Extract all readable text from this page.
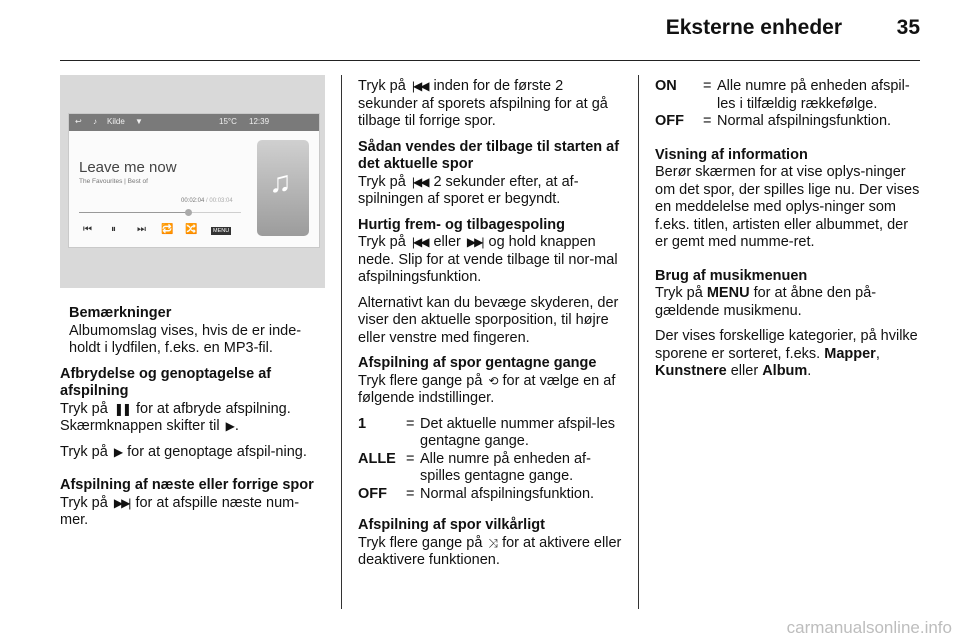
Eksterne enheder	35
↩ ♪ Kilde ▼	15°C 12:39
Leave me now
The Favourites | Best of
00:02:04 / 00:03:04
⏮ ⏸ ⏭ 🔁 🔀	MENU
♫
Bemærkninger

Albumomslag vises, hvis de er inde-holdt i lydfilen, f.eks. en MP3-fil.

Afbrydelse og genoptagelse af afspilning

Tryk på ❚❚ for at afbryde afspilning. Skærmknappen skifter til ▶ .

Tryk på ▶ for at genoptage afspil-ning.

Afspilning af næste eller forrige spor

Tryk på ▶▶| for at afspille næste num-mer.

Tryk på |◀◀ inden for de første 2 sekunder af sporets afspilning for at gå tilbage til forrige spor.

Sådan vendes der tilbage til starten af det aktuelle spor

Tryk på |◀◀ 2 sekunder efter, at af-spilningen af sporet er begyndt.

Hurtig frem- og tilbagespoling

Tryk på |◀◀ eller ▶▶| og hold knappen nede. Slip for at vende tilbage til nor-mal afspilningsfunktion.

Alternativt kan du bevæge skyderen, der viser den aktuelle sporposition, til højre eller venstre med fingeren.

Afspilning af spor gentagne gange

Tryk flere gange på ⟲ for at vælge en af følgende indstillinger.

1	= Det aktuelle nummer afspil-les gentagne gange.
ALLE = Alle numre på enheden af-spilles gentagne gange.
OFF	= Normal afspilningsfunktion.
Afspilning af spor vilkårligt

Tryk flere gange på ⤨ for at aktivere eller deaktivere funktionen.

ON	= Alle numre på enheden afspil-les i tilfældig rækkefølge.
OFF	= Normal afspilningsfunktion.
Visning af information

Berør skærmen for at vise oplys-ninger om det spor, der spilles lige nu. Der vises en meddelelse med oplys-ninger som f.eks. titlen, artisten eller albummet, der er gemt med numme-ret.

Brug af musikmenuen

Tryk på MENU for at åbne den på-gældende musikmenu.

Der vises forskellige kategorier, på hvilke sporene er sorteret, f.eks. Mapper, Kunstnere eller Album.

carmanualsonline.info
